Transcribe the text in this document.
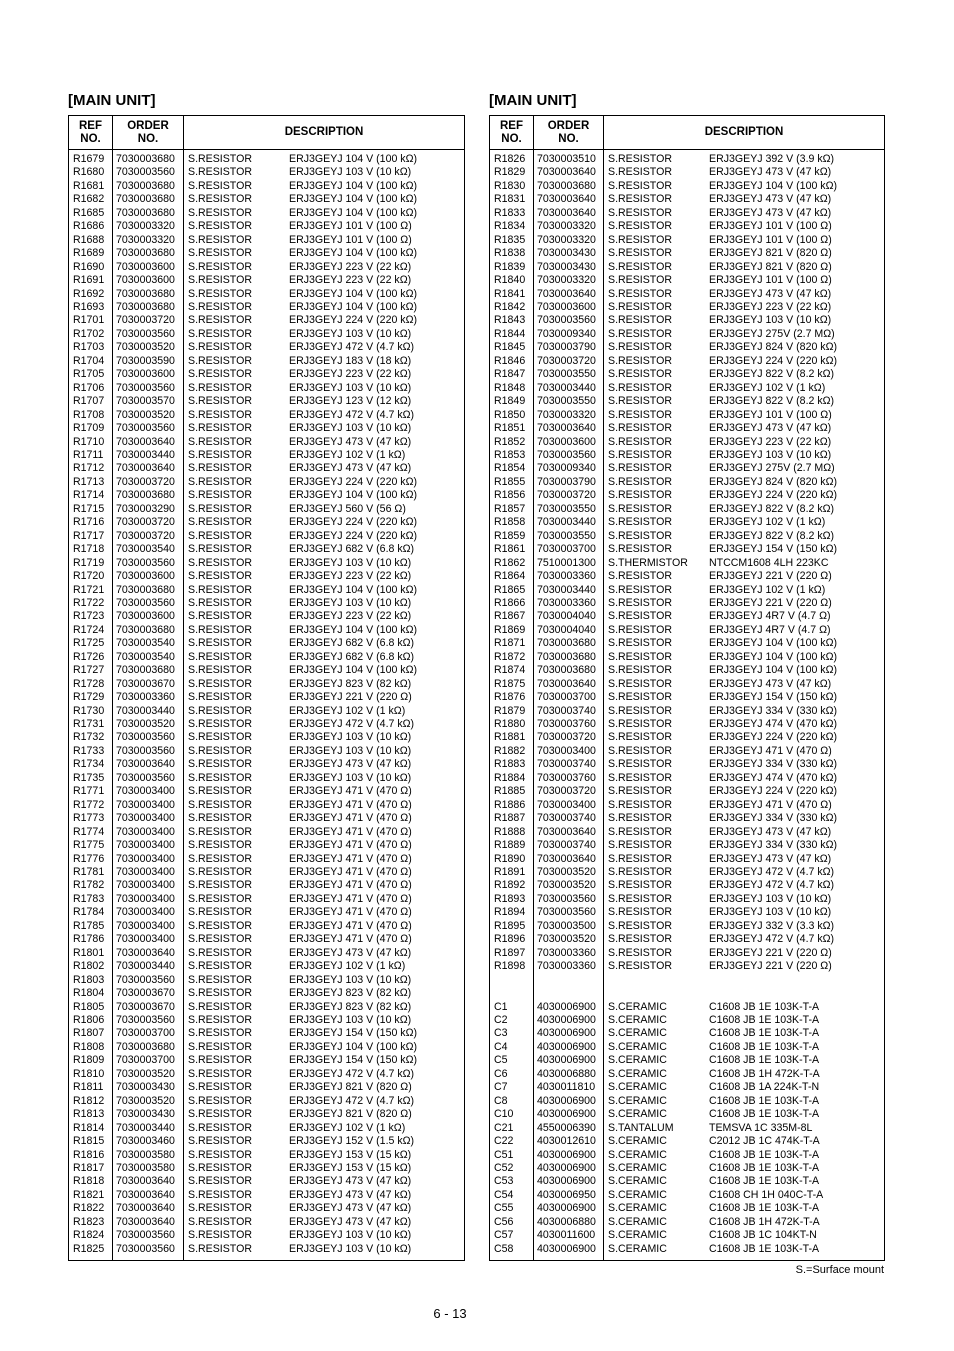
[MAIN UNIT]
REF
NO.	ORDER
NO.	DESCRIPTION
R1679	7030003680	S.RESISTOR ERJ3GEYJ 104 V (100 kΩ)

R1680	7030003560	S.RESISTOR ERJ3GEYJ 103 V (10 kΩ)

R1681	7030003680	S.RESISTOR ERJ3GEYJ 104 V (100 kΩ)

R1682	7030003680	S.RESISTOR ERJ3GEYJ 104 V (100 kΩ)

R1685	7030003680	S.RESISTOR ERJ3GEYJ 104 V (100 kΩ)

R1686	7030003320	S.RESISTOR ERJ3GEYJ 101 V (100 Ω)

R1688	7030003320	S.RESISTOR ERJ3GEYJ 101 V (100 Ω)

R1689	7030003680	S.RESISTOR ERJ3GEYJ 104 V (100 kΩ)

R1690	7030003600	S.RESISTOR ERJ3GEYJ 223 V (22 kΩ)

R1691	7030003600	S.RESISTOR ERJ3GEYJ 223 V (22 kΩ)

R1692	7030003680	S.RESISTOR ERJ3GEYJ 104 V (100 kΩ)

R1693	7030003680	S.RESISTOR ERJ3GEYJ 104 V (100 kΩ)

R1701	7030003720	S.RESISTOR ERJ3GEYJ 224 V (220 kΩ)

R1702	7030003560	S.RESISTOR ERJ3GEYJ 103 V (10 kΩ)

R1703	7030003520	S.RESISTOR ERJ3GEYJ 472 V (4.7 kΩ)

R1704	7030003590	S.RESISTOR ERJ3GEYJ 183 V (18 kΩ)

R1705	7030003600	S.RESISTOR ERJ3GEYJ 223 V (22 kΩ)

R1706	7030003560	S.RESISTOR ERJ3GEYJ 103 V (10 kΩ)

R1707	7030003570	S.RESISTOR ERJ3GEYJ 123 V (12 kΩ)

R1708	7030003520	S.RESISTOR ERJ3GEYJ 472 V (4.7 kΩ)

R1709	7030003560	S.RESISTOR ERJ3GEYJ 103 V (10 kΩ)

R1710	7030003640	S.RESISTOR ERJ3GEYJ 473 V (47 kΩ)

R1711	7030003440	S.RESISTOR ERJ3GEYJ 102 V (1 kΩ)

R1712	7030003640	S.RESISTOR ERJ3GEYJ 473 V (47 kΩ)

R1713	7030003720	S.RESISTOR ERJ3GEYJ 224 V (220 kΩ)

R1714	7030003680	S.RESISTOR ERJ3GEYJ 104 V (100 kΩ)

R1715	7030003290	S.RESISTOR ERJ3GEYJ 560 V (56 Ω)

R1716	7030003720	S.RESISTOR ERJ3GEYJ 224 V (220 kΩ)

R1717	7030003720	S.RESISTOR ERJ3GEYJ 224 V (220 kΩ)

R1718	7030003540	S.RESISTOR ERJ3GEYJ 682 V (6.8 kΩ)

R1719	7030003560	S.RESISTOR ERJ3GEYJ 103 V (10 kΩ)

R1720	7030003600	S.RESISTOR ERJ3GEYJ 223 V (22 kΩ)

R1721	7030003680	S.RESISTOR ERJ3GEYJ 104 V (100 kΩ)

R1722	7030003560	S.RESISTOR ERJ3GEYJ 103 V (10 kΩ)

R1723	7030003600	S.RESISTOR ERJ3GEYJ 223 V (22 kΩ)

R1724	7030003680	S.RESISTOR ERJ3GEYJ 104 V (100 kΩ)

R1725	7030003540	S.RESISTOR ERJ3GEYJ 682 V (6.8 kΩ)

R1726	7030003540	S.RESISTOR ERJ3GEYJ 682 V (6.8 kΩ)

R1727	7030003680	S.RESISTOR ERJ3GEYJ 104 V (100 kΩ)

R1728	7030003670	S.RESISTOR ERJ3GEYJ 823 V (82 kΩ)

R1729	7030003360	S.RESISTOR ERJ3GEYJ 221 V (220 Ω)

R1730	7030003440	S.RESISTOR ERJ3GEYJ 102 V (1 kΩ)

R1731	7030003520	S.RESISTOR ERJ3GEYJ 472 V (4.7 kΩ)

R1732	7030003560	S.RESISTOR ERJ3GEYJ 103 V (10 kΩ)

R1733	7030003560	S.RESISTOR ERJ3GEYJ 103 V (10 kΩ)

R1734	7030003640	S.RESISTOR ERJ3GEYJ 473 V (47 kΩ)

R1735	7030003560	S.RESISTOR ERJ3GEYJ 103 V (10 kΩ)

R1771	7030003400	S.RESISTOR ERJ3GEYJ 471 V (470 Ω)

R1772	7030003400	S.RESISTOR ERJ3GEYJ 471 V (470 Ω)

R1773	7030003400	S.RESISTOR ERJ3GEYJ 471 V (470 Ω)

R1774	7030003400	S.RESISTOR ERJ3GEYJ 471 V (470 Ω)

R1775	7030003400	S.RESISTOR ERJ3GEYJ 471 V (470 Ω)

R1776	7030003400	S.RESISTOR ERJ3GEYJ 471 V (470 Ω)

R1781	7030003400	S.RESISTOR ERJ3GEYJ 471 V (470 Ω)

R1782	7030003400	S.RESISTOR ERJ3GEYJ 471 V (470 Ω)

R1783	7030003400	S.RESISTOR ERJ3GEYJ 471 V (470 Ω)

R1784	7030003400	S.RESISTOR ERJ3GEYJ 471 V (470 Ω)

R1785	7030003400	S.RESISTOR ERJ3GEYJ 471 V (470 Ω)

R1786	7030003400	S.RESISTOR ERJ3GEYJ 471 V (470 Ω)

R1801	7030003640	S.RESISTOR ERJ3GEYJ 473 V (47 kΩ)

R1802	7030003440	S.RESISTOR ERJ3GEYJ 102 V (1 kΩ)

R1803	7030003560	S.RESISTOR ERJ3GEYJ 103 V (10 kΩ)

R1804	7030003670	S.RESISTOR ERJ3GEYJ 823 V (82 kΩ)

R1805	7030003670	S.RESISTOR ERJ3GEYJ 823 V (82 kΩ)

R1806	7030003560	S.RESISTOR ERJ3GEYJ 103 V (10 kΩ)

R1807	7030003700	S.RESISTOR ERJ3GEYJ 154 V (150 kΩ)

R1808	7030003680	S.RESISTOR ERJ3GEYJ 104 V (100 kΩ)

R1809	7030003700	S.RESISTOR ERJ3GEYJ 154 V (150 kΩ)

R1810	7030003520	S.RESISTOR ERJ3GEYJ 472 V (4.7 kΩ)

R1811	7030003430	S.RESISTOR ERJ3GEYJ 821 V (820 Ω)

R1812	7030003520	S.RESISTOR ERJ3GEYJ 472 V (4.7 kΩ)

R1813	7030003430	S.RESISTOR ERJ3GEYJ 821 V (820 Ω)

R1814	7030003440	S.RESISTOR ERJ3GEYJ 102 V (1 kΩ)

R1815	7030003460	S.RESISTOR ERJ3GEYJ 152 V (1.5 kΩ)

R1816	7030003580	S.RESISTOR ERJ3GEYJ 153 V (15 kΩ)

R1817	7030003580	S.RESISTOR ERJ3GEYJ 153 V (15 kΩ)

R1818	7030003640	S.RESISTOR ERJ3GEYJ 473 V (47 kΩ)

R1821	7030003640	S.RESISTOR ERJ3GEYJ 473 V (47 kΩ)

R1822	7030003640	S.RESISTOR ERJ3GEYJ 473 V (47 kΩ)

R1823	7030003640	S.RESISTOR ERJ3GEYJ 473 V (47 kΩ)

R1824	7030003560	S.RESISTOR ERJ3GEYJ 103 V (10 kΩ)

R1825	7030003560	S.RESISTOR ERJ3GEYJ 103 V (10 kΩ)
[MAIN UNIT]
REF
NO.	ORDER
NO.	DESCRIPTION
R1826	7030003510	S.RESISTOR ERJ3GEYJ 392 V (3.9 kΩ)

R1829	7030003640	S.RESISTOR ERJ3GEYJ 473 V (47 kΩ)

R1830	7030003680	S.RESISTOR ERJ3GEYJ 104 V (100 kΩ)

R1831	7030003640	S.RESISTOR ERJ3GEYJ 473 V (47 kΩ)

R1833	7030003640	S.RESISTOR ERJ3GEYJ 473 V (47 kΩ)

R1834	7030003320	S.RESISTOR ERJ3GEYJ 101 V (100 Ω)

R1835	7030003320	S.RESISTOR ERJ3GEYJ 101 V (100 Ω)

R1838	7030003430	S.RESISTOR ERJ3GEYJ 821 V (820 Ω)

R1839	7030003430	S.RESISTOR ERJ3GEYJ 821 V (820 Ω)

R1840	7030003320	S.RESISTOR ERJ3GEYJ 101 V (100 Ω)

R1841	7030003640	S.RESISTOR ERJ3GEYJ 473 V (47 kΩ)

R1842	7030003600	S.RESISTOR ERJ3GEYJ 223 V (22 kΩ)

R1843	7030003560	S.RESISTOR ERJ3GEYJ 103 V (10 kΩ)

R1844	7030009340	S.RESISTOR ERJ3GEYJ 275V (2.7 MΩ)

R1845	7030003790	S.RESISTOR ERJ3GEYJ 824 V (820 kΩ)

R1846	7030003720	S.RESISTOR ERJ3GEYJ 224 V (220 kΩ)

R1847	7030003550	S.RESISTOR ERJ3GEYJ 822 V (8.2 kΩ)

R1848	7030003440	S.RESISTOR ERJ3GEYJ 102 V (1 kΩ)

R1849	7030003550	S.RESISTOR ERJ3GEYJ 822 V (8.2 kΩ)

R1850	7030003320	S.RESISTOR ERJ3GEYJ 101 V (100 Ω)

R1851	7030003640	S.RESISTOR ERJ3GEYJ 473 V (47 kΩ)

R1852	7030003600	S.RESISTOR ERJ3GEYJ 223 V (22 kΩ)

R1853	7030003560	S.RESISTOR ERJ3GEYJ 103 V (10 kΩ)

R1854	7030009340	S.RESISTOR ERJ3GEYJ 275V (2.7 MΩ)

R1855	7030003790	S.RESISTOR ERJ3GEYJ 824 V (820 kΩ)

R1856	7030003720	S.RESISTOR ERJ3GEYJ 224 V (220 kΩ)

R1857	7030003550	S.RESISTOR ERJ3GEYJ 822 V (8.2 kΩ)

R1858	7030003440	S.RESISTOR ERJ3GEYJ 102 V (1 kΩ)

R1859	7030003550	S.RESISTOR ERJ3GEYJ 822 V (8.2 kΩ)

R1861	7030003700	S.RESISTOR ERJ3GEYJ 154 V (150 kΩ)

R1862	7510001300	S.THERMISTOR NTCCM1608 4LH 223KC

R1864	7030003360	S.RESISTOR ERJ3GEYJ 221 V (220 Ω)

R1865	7030003440	S.RESISTOR ERJ3GEYJ 102 V (1 kΩ)

R1866	7030003360	S.RESISTOR ERJ3GEYJ 221 V (220 Ω)

R1867	7030004040	S.RESISTOR ERJ3GEYJ 4R7 V (4.7 Ω)

R1869	7030004040	S.RESISTOR ERJ3GEYJ 4R7 V (4.7 Ω)

R1871	7030003680	S.RESISTOR ERJ3GEYJ 104 V (100 kΩ)

R1872	7030003680	S.RESISTOR ERJ3GEYJ 104 V (100 kΩ)

R1874	7030003680	S.RESISTOR ERJ3GEYJ 104 V (100 kΩ)

R1875	7030003640	S.RESISTOR ERJ3GEYJ 473 V (47 kΩ)

R1876	7030003700	S.RESISTOR ERJ3GEYJ 154 V (150 kΩ)

R1879	7030003740	S.RESISTOR ERJ3GEYJ 334 V (330 kΩ)

R1880	7030003760	S.RESISTOR ERJ3GEYJ 474 V (470 kΩ)

R1881	7030003720	S.RESISTOR ERJ3GEYJ 224 V (220 kΩ)

R1882	7030003400	S.RESISTOR ERJ3GEYJ 471 V (470 Ω)

R1883	7030003740	S.RESISTOR ERJ3GEYJ 334 V (330 kΩ)

R1884	7030003760	S.RESISTOR ERJ3GEYJ 474 V (470 kΩ)

R1885	7030003720	S.RESISTOR ERJ3GEYJ 224 V (220 kΩ)

R1886	7030003400	S.RESISTOR ERJ3GEYJ 471 V (470 Ω)

R1887	7030003740	S.RESISTOR ERJ3GEYJ 334 V (330 kΩ)

R1888	7030003640	S.RESISTOR ERJ3GEYJ 473 V (47 kΩ)

R1889	7030003740	S.RESISTOR ERJ3GEYJ 334 V (330 kΩ)

R1890	7030003640	S.RESISTOR ERJ3GEYJ 473 V (47 kΩ)

R1891	7030003520	S.RESISTOR ERJ3GEYJ 472 V (4.7 kΩ)

R1892	7030003520	S.RESISTOR ERJ3GEYJ 472 V (4.7 kΩ)

R1893	7030003560	S.RESISTOR ERJ3GEYJ 103 V (10 kΩ)

R1894	7030003560	S.RESISTOR ERJ3GEYJ 103 V (10 kΩ)

R1895	7030003500	S.RESISTOR ERJ3GEYJ 332 V (3.3 kΩ)

R1896	7030003520	S.RESISTOR ERJ3GEYJ 472 V (4.7 kΩ)

R1897	7030003360	S.RESISTOR ERJ3GEYJ 221 V (220 Ω)

R1898	7030003360	S.RESISTOR ERJ3GEYJ 221 V (220 Ω)

C1	4030006900	S.CERAMIC C1608 JB 1E 103K-T-A

C2	4030006900	S.CERAMIC C1608 JB 1E 103K-T-A

C3	4030006900	S.CERAMIC C1608 JB 1E 103K-T-A

C4	4030006900	S.CERAMIC C1608 JB 1E 103K-T-A

C5	4030006900	S.CERAMIC C1608 JB 1E 103K-T-A

C6	4030006880	S.CERAMIC C1608 JB 1H 472K-T-A

C7	4030011810	S.CERAMIC C1608 JB 1A 224K-T-N

C8	4030006900	S.CERAMIC C1608 JB 1E 103K-T-A

C10	4030006900	S.CERAMIC C1608 JB 1E 103K-T-A

C21	4550006390	S.TANTALUM TEMSVA 1C 335M-8L

C22	4030012610	S.CERAMIC C2012 JB 1C 474K-T-A

C51	4030006900	S.CERAMIC C1608 JB 1E 103K-T-A

C52	4030006900	S.CERAMIC C1608 JB 1E 103K-T-A

C53	4030006900	S.CERAMIC C1608 JB 1E 103K-T-A

C54	4030006950	S.CERAMIC C1608 CH 1H 040C-T-A

C55	4030006900	S.CERAMIC C1608 JB 1E 103K-T-A

C56	4030006880	S.CERAMIC C1608 JB 1H 472K-T-A

C57	4030011600	S.CERAMIC C1608 JB 1C 104KT-N

C58	4030006900	S.CERAMIC C1608 JB 1E 103K-T-A
S.=Surface mount
6 - 13
